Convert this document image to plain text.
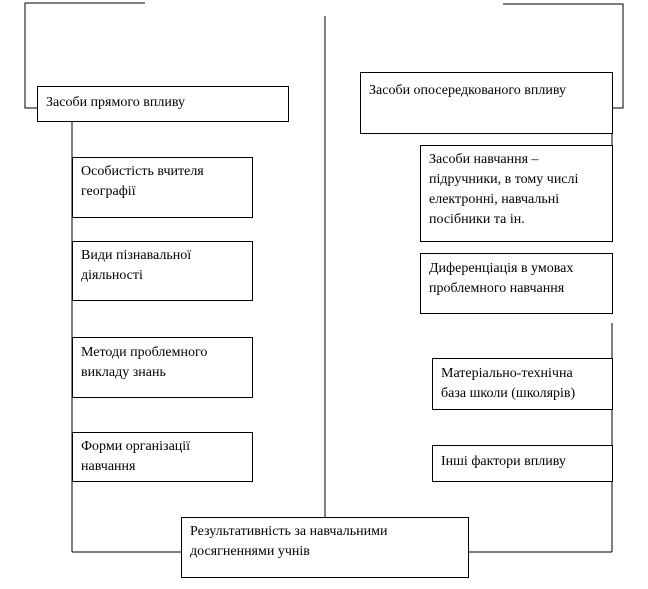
Засоби прямого впливу
Засоби опосередкованого впливу
Особистість вчителя
географії
Види пізнавальної
діяльності
Методи проблемного
викладу знань
Форми організації
навчання
Засоби навчання –
підручники, в тому числі
електронні, навчальні
посібники та ін.
Диференціація в умовах
проблемного навчання
Матеріально-технічна
база школи (школярів)
Інші фактори впливу
Результативність за навчальними
досягненнями учнів
